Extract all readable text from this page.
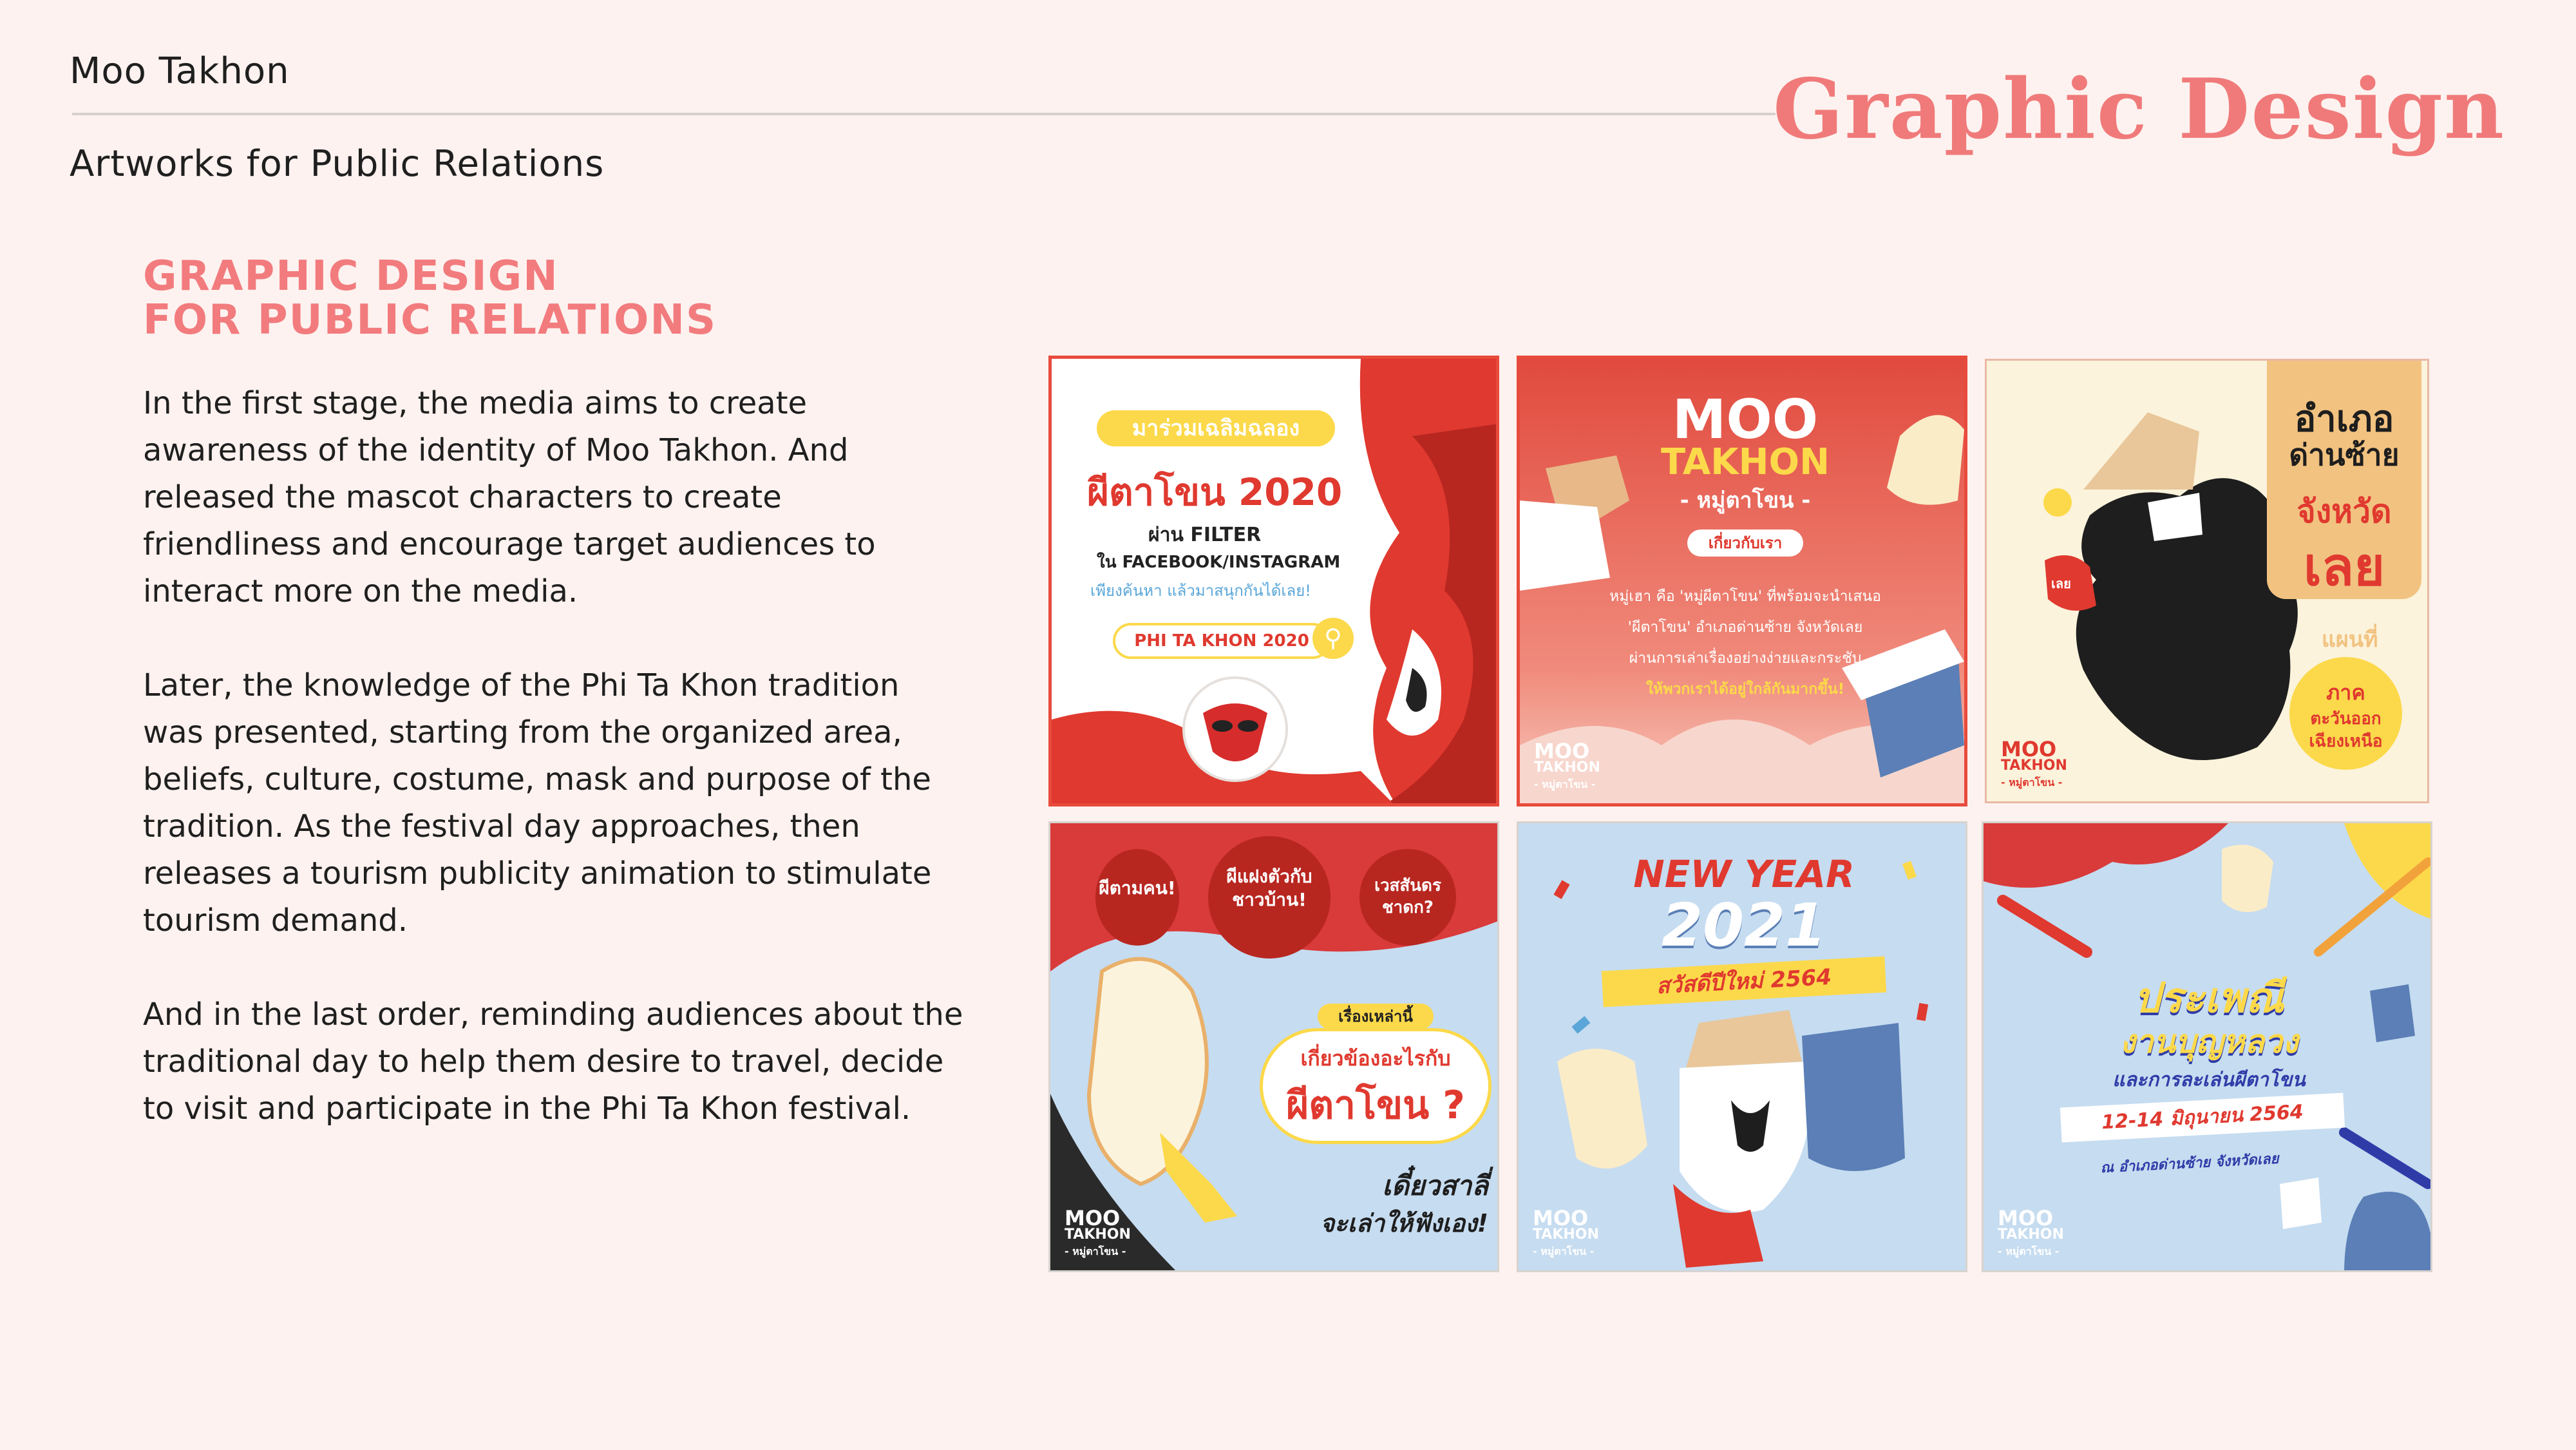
Moo Takhon
Artworks for Public Relations
Graphic Design
GRAPHIC DESIGN
FOR PUBLIC RELATIONS

In the first stage, the media aims to create awareness of the identity of Moo Takhon. And released the mascot characters to create friendliness and encourage target audiences to interact more on the media.

Later, the knowledge of the Phi Ta Khon tradition was presented, starting from the organized area, beliefs, culture, costume, mask and purpose of the tradition. As the festival day approaches, then releases a tourism publicity animation to stimulate tourism demand.

And in the last order, reminding audiences about the traditional day to help them desire to travel, decide to visit and participate in the Phi Ta Khon festival.

มาร่วมเฉลิมฉลอง
ผีตาโขน 2020
ผ่าน FILTER
ใน FACEBOOK/INSTAGRAM
เพียงค้นหา แล้วมาสนุกกันได้เลย!
PHI TA KHON 2020 ⚲
MOO
TAKHON
- หมู่ตาโขน -
MOO
TAKHON
- หมู่ตาโขน -
เกี่ยวกับเรา
หมู่เฮา คือ 'หมู่ผีตาโขน' ที่พร้อมจะนำเสนอ
'ผีตาโขน' อำเภอด่านซ้าย จังหวัดเลย
ผ่านการเล่าเรื่องอย่างง่ายและกระชับ
ให้พวกเราได้อยู่ใกล้กันมากขึ้น!
MOO
TAKHON
- หมู่ตาโขน -
อำเภอ
ด่านซ้าย
จังหวัด
เลย
เลย
แผนที่
ภาค
ตะวันออก
เฉียงเหนือ
MOO
TAKHON
- หมู่ตาโขน -
ผีตามคน!
ผีแฝงตัวกับชาวบ้าน!
เวสสันดรชาดก?
เรื่องเหล่านี้
เกี่ยวข้องอะไรกับ
ผีตาโขน ?
เดี๋ยวสาลี่
จะเล่าให้ฟังเอง!
MOO
TAKHON
- หมู่ตาโขน -
NEW YEAR
2021
สวัสดีปีใหม่ 2564
MOO
TAKHON
- หมู่ตาโขน -
ประเพณี
งานบุญหลวง
และการละเล่นผีตาโขน
12-14 มิถุนายน 2564
ณ อำเภอด่านซ้าย จังหวัดเลย
MOO
TAKHON
- หมู่ตาโขน -
